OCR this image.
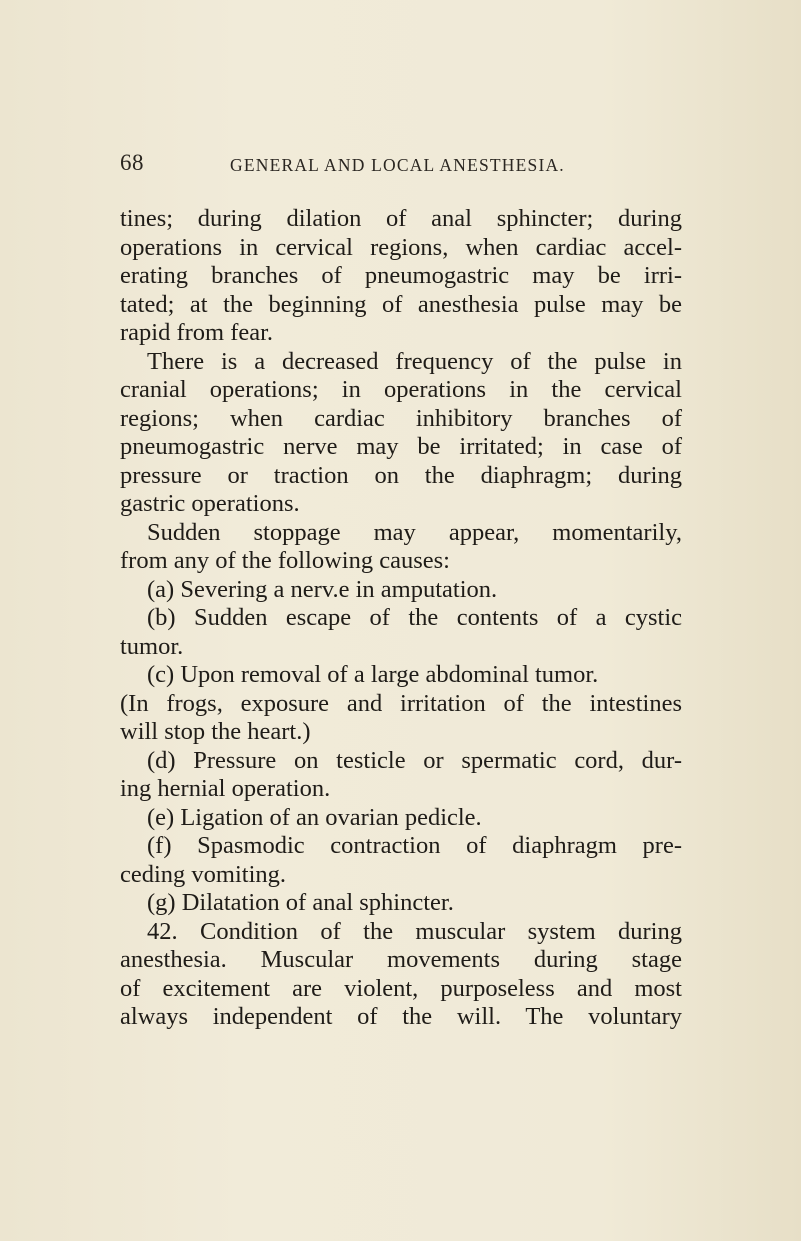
68	GENERAL AND LOCAL ANESTHESIA.
tines; during dilation of anal sphincter; during
operations in cervical regions, when cardiac accel-
erating branches of pneumogastric may be irri-
tated; at the beginning of anesthesia pulse may be
rapid from fear.
There is a decreased frequency of the pulse in
cranial operations; in operations in the cervical
regions; when cardiac inhibitory branches of
pneumogastric nerve may be irritated; in case of
pressure or traction on the diaphragm; during
gastric operations.
Sudden stoppage may appear, momentarily,
from any of the following causes:
(a) Severing a nerv.e in amputation.
(b) Sudden escape of the contents of a cystic
tumor.
(c) Upon removal of a large abdominal tumor.
(In frogs, exposure and irritation of the intestines
will stop the heart.)
(d) Pressure on testicle or spermatic cord, dur-
ing hernial operation.
(e) Ligation of an ovarian pedicle.
(f) Spasmodic contraction of diaphragm pre-
ceding vomiting.
(g) Dilatation of anal sphincter.
42. Condition of the muscular system during
anesthesia. Muscular movements during stage
of excitement are violent, purposeless and most
always independent of the will. The voluntary
